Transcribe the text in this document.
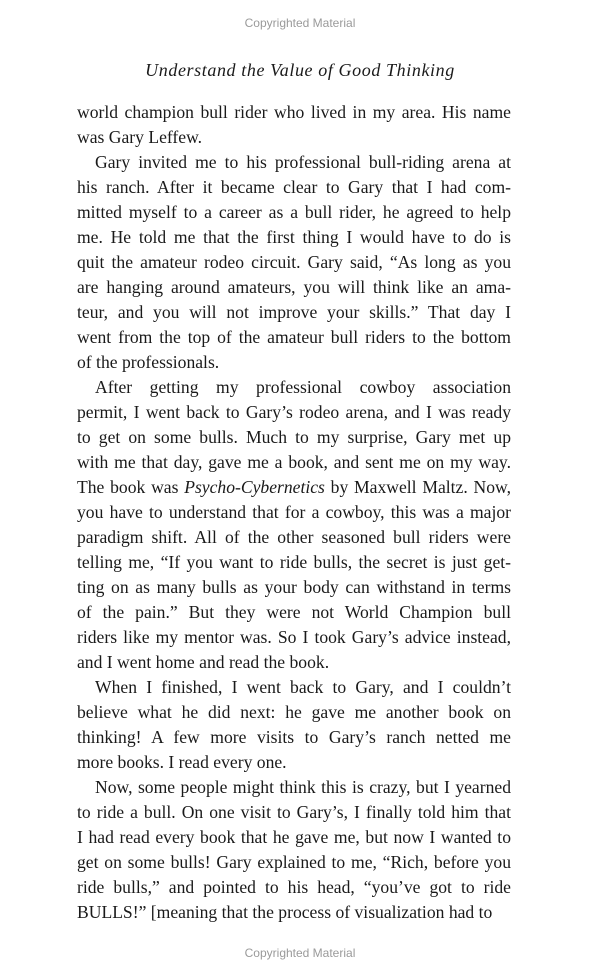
Copyrighted Material
Understand the Value of Good Thinking

world champion bull rider who lived in my area. His name

was Gary Leffew.

Gary invited me to his professional bull-riding arena at

his ranch. After it became clear to Gary that I had com-

mitted myself to a career as a bull rider, he agreed to help

me. He told me that the first thing I would have to do is

quit the amateur rodeo circuit. Gary said, “As long as you

are hanging around amateurs, you will think like an ama-

teur, and you will not improve your skills.” That day I

went from the top of the amateur bull riders to the bottom

of the professionals.

After getting my professional cowboy association

permit, I went back to Gary’s rodeo arena, and I was ready

to get on some bulls. Much to my surprise, Gary met up

with me that day, gave me a book, and sent me on my way.

The book was Psycho-Cybernetics by Maxwell Maltz. Now,

you have to understand that for a cowboy, this was a major

paradigm shift. All of the other seasoned bull riders were

telling me, “If you want to ride bulls, the secret is just get-

ting on as many bulls as your body can withstand in terms

of the pain.” But they were not World Champion bull

riders like my mentor was. So I took Gary’s advice instead,

and I went home and read the book.

When I finished, I went back to Gary, and I couldn’t

believe what he did next: he gave me another book on

thinking! A few more visits to Gary’s ranch netted me

more books. I read every one.

Now, some people might think this is crazy, but I yearned

to ride a bull. On one visit to Gary’s, I finally told him that

I had read every book that he gave me, but now I wanted to

get on some bulls! Gary explained to me, “Rich, before you

ride bulls,” and pointed to his head, “you’ve got to ride

BULLS!” [meaning that the process of visualization had to

Copyrighted Material
